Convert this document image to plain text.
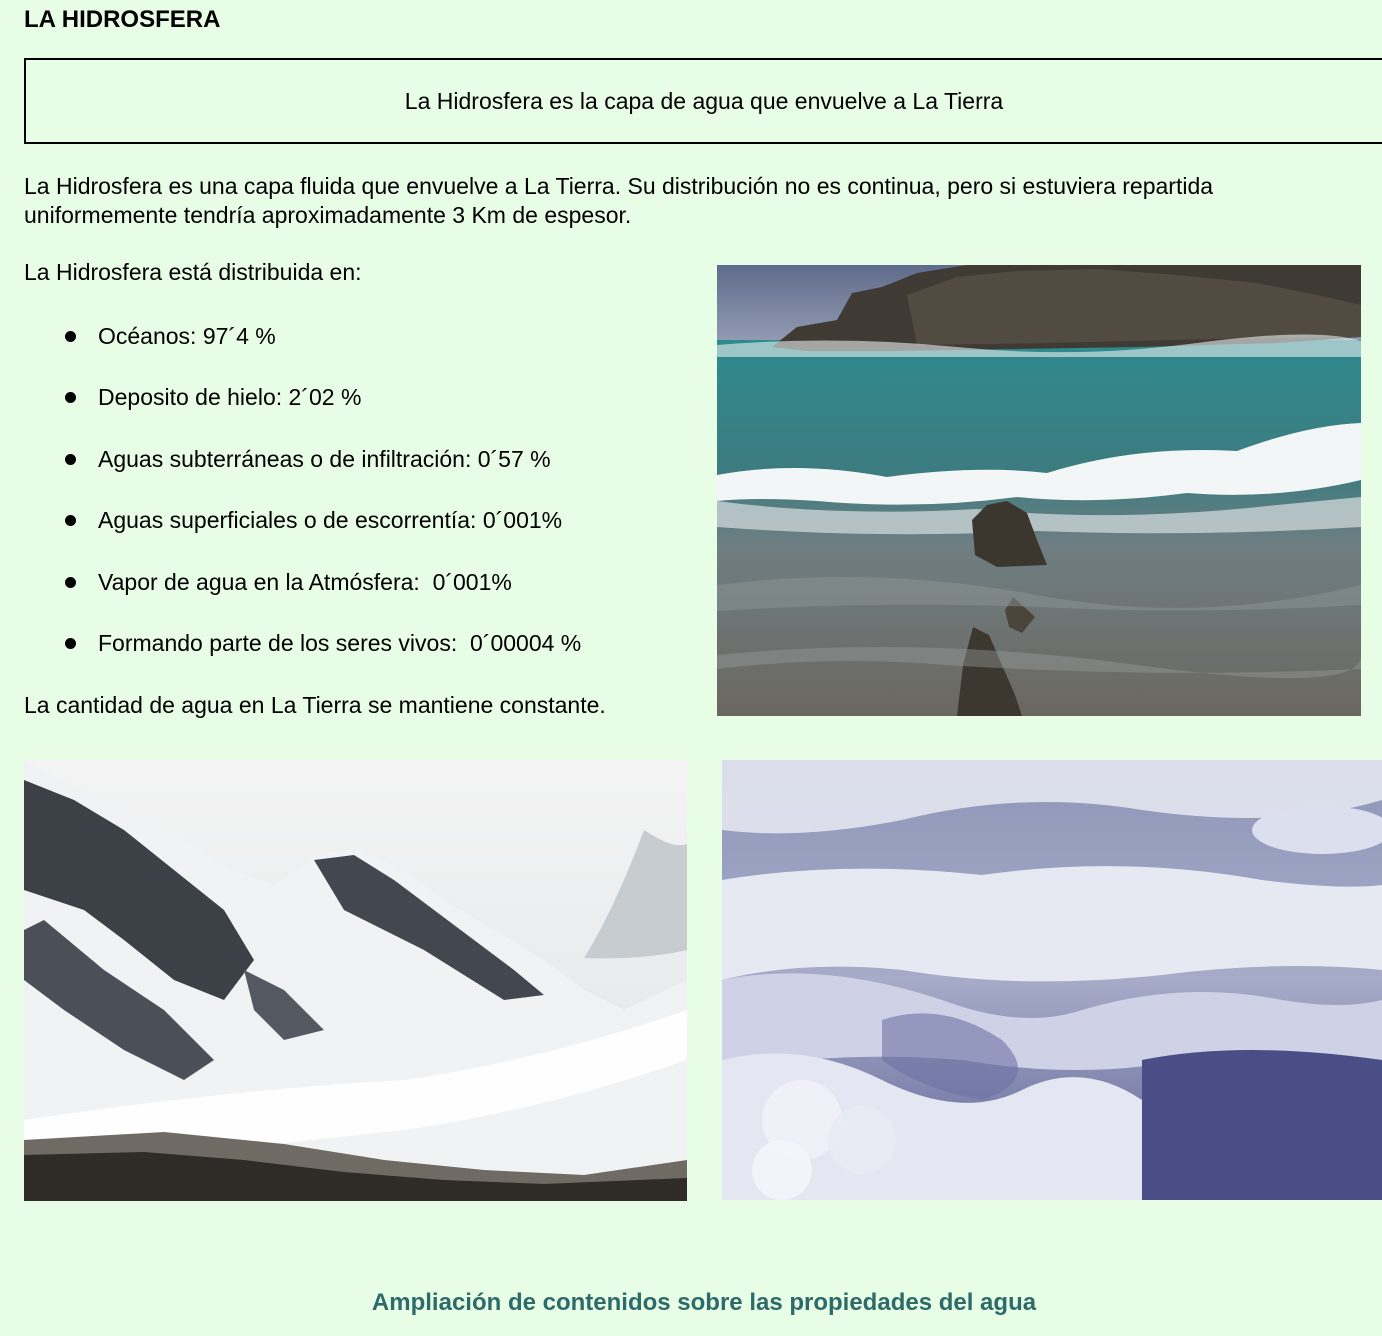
LA HIDROSFERA
La Hidrosfera es la capa de agua que envuelve a La Tierra

La Hidrosfera es una capa fluida que envuelve a La Tierra. Su distribución no es continua, pero si estuviera repartida uniformemente tendría aproximadamente 3 Km de espesor.

La Hidrosfera está distribuida en:

Océanos: 97´4 %
Deposito de hielo: 2´02 %
Aguas subterráneas o de infiltración: 0´57 %
Aguas superficiales o de escorrentía: 0´001%
Vapor de agua en la Atmósfera:  0´001%
Formando parte de los seres vivos:  0´00004 %

La cantidad de agua en La Tierra se mantiene constante.

Ampliación de contenidos sobre las propiedades del agua
